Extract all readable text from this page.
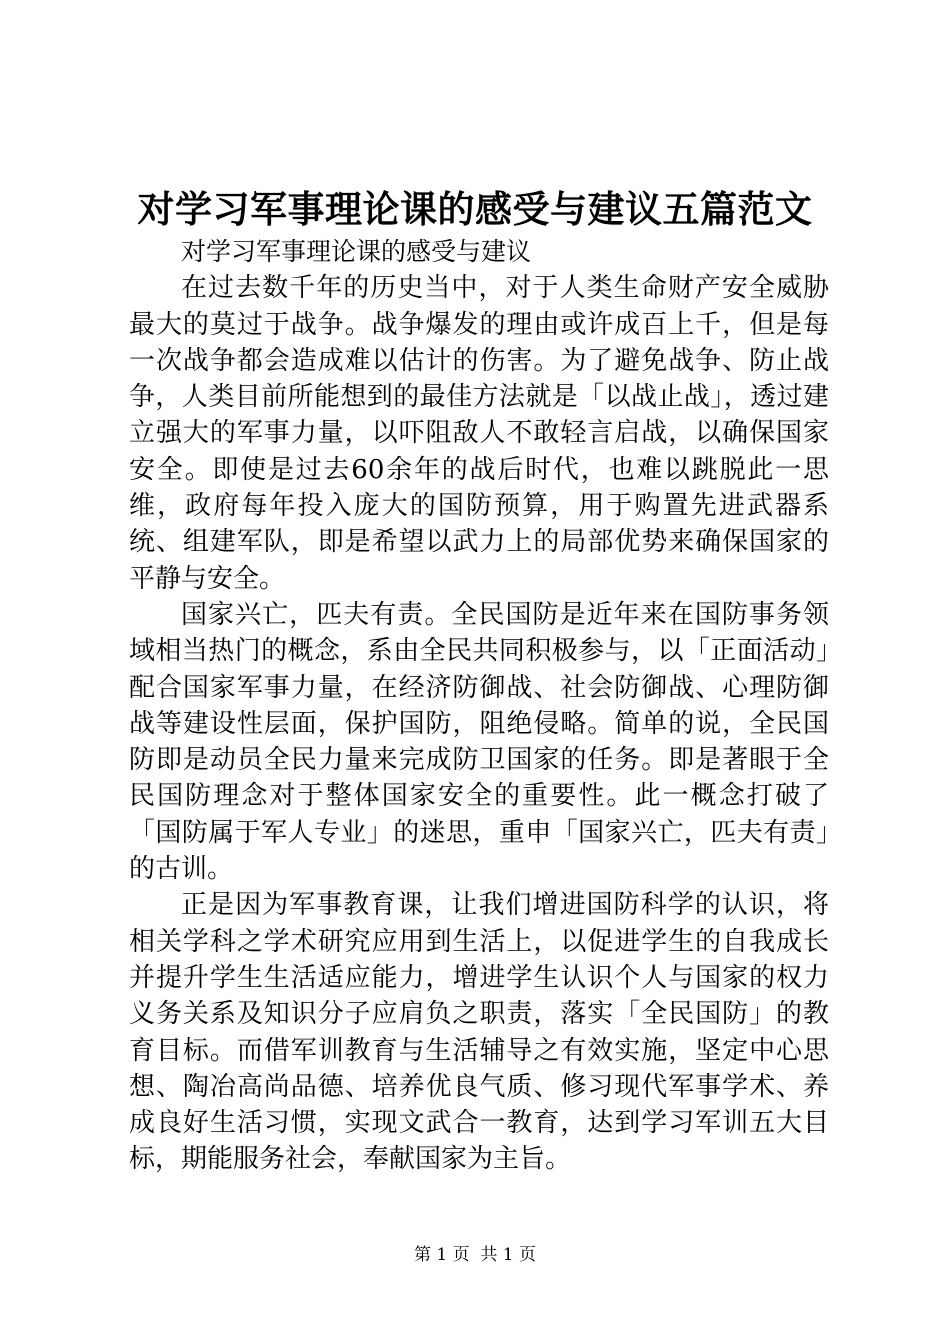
对学习军事理论课的感受与建议五篇范文

对学习军事理论课的感受与建议

在过去数千年的历史当中，对于人类生命财产安全威胁最大的莫过于战争。战争爆发的理由或许成百上千，但是每一次战争都会造成难以估计的伤害。为了避免战争、防止战争，人类目前所能想到的最佳方法就是「以战止战」，透过建立强大的军事力量，以吓阻敌人不敢轻言启战，以确保国家安全。即使是过去60余年的战后时代，也难以跳脱此一思维，政府每年投入庞大的国防预算，用于购置先进武器系统、组建军队，即是希望以武力上的局部优势来确保国家的平静与安全。

国家兴亡，匹夫有责。全民国防是近年来在国防事务领域相当热门的概念，系由全民共同积极参与，以「正面活动」配合国家军事力量，在经济防御战、社会防御战、心理防御战等建设性层面，保护国防，阻绝侵略。简单的说，全民国防即是动员全民力量来完成防卫国家的任务。即是著眼于全民国防理念对于整体国家安全的重要性。此一概念打破了「国防属于军人专业」的迷思，重申「国家兴亡，匹夫有责」的古训。

正是因为军事教育课，让我们增进国防科学的认识，将相关学科之学术研究应用到生活上，以促进学生的自我成长并提升学生生活适应能力，增进学生认识个人与国家的权力义务关系及知识分子应肩负之职责，落实「全民国防」的教育目标。而借军训教育与生活辅导之有效实施，坚定中心思想、陶冶高尚品德、培养优良气质、修习现代军事学术、养成良好生活习惯，实现文武合一教育，达到学习军训五大目标，期能服务社会，奉献国家为主旨。

第 1 页  共 1 页
